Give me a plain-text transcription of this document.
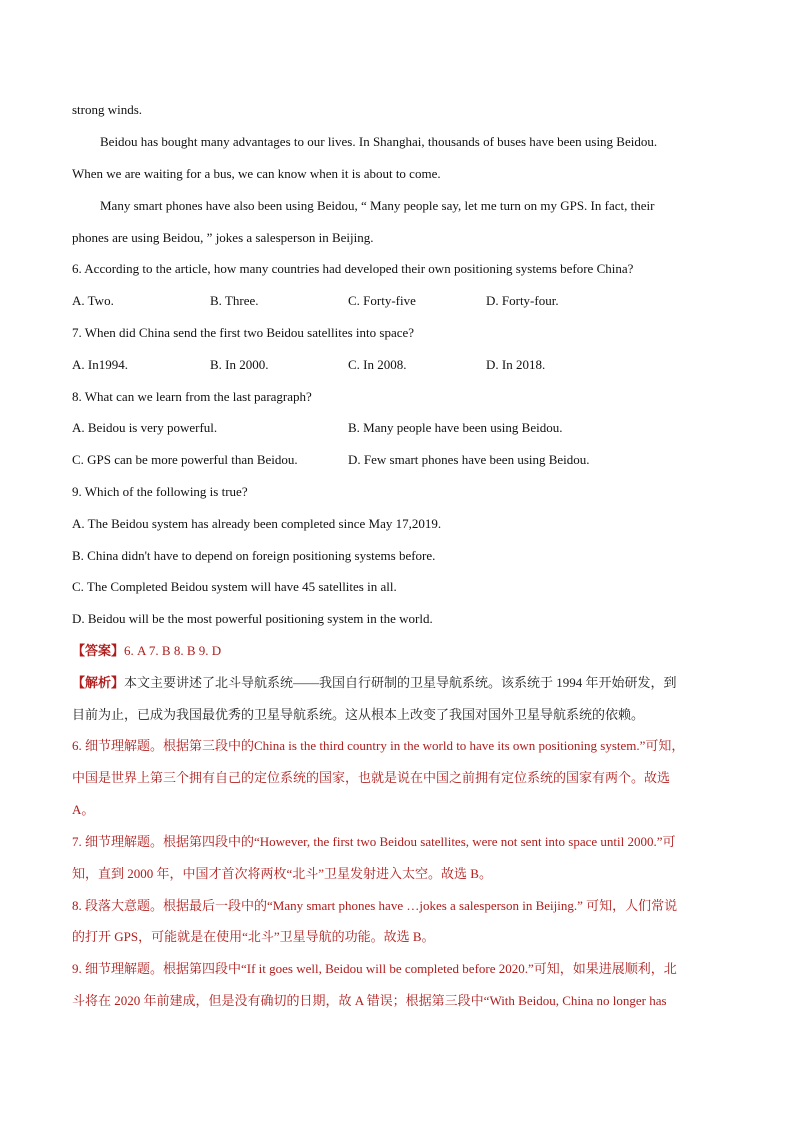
strong winds.
Beidou has bought many advantages to our lives. In Shanghai, thousands of buses have been using Beidou.
When we are waiting for a bus, we can know when it is about to come.
Many smart phones have also been using Beidou, “ Many people say, let me turn on my GPS. In fact, their
phones are using Beidou, ” jokes a salesperson in Beijing.
6. According to the article, how many countries had developed their own positioning systems before China?
A. Two.	B. Three.	C. Forty-five	D. Forty-four.
7. When did China send the first two Beidou satellites into space?
A. In1994.	B. In 2000.	C. In 2008.	D. In 2018.
8. What can we learn from the last paragraph?
A. Beidou is very powerful.	B. Many people have been using Beidou.
C. GPS can be more powerful than Beidou.	D. Few smart phones have been using Beidou.
9. Which of the following is true?
A. The Beidou system has already been completed since May 17,2019.
B. China didn't have to depend on foreign positioning systems before.
C. The Completed Beidou system will have 45 satellites in all.
D. Beidou will be the most powerful positioning system in the world.
【答案】6. A 7. B 8. B 9. D
【解析】本文主要讲述了北斗导航系统——我国自行研制的卫星导航系统。该系统于 1994 年开始研发，到
目前为止，已成为我国最优秀的卫星导航系统。这从根本上改变了我国对国外卫星导航系统的依赖。
6. 细节理解题。根据第三段中的China is the third country in the world to have its own positioning system.”可知，
中国是世界上第三个拥有自己的定位系统的国家，也就是说在中国之前拥有定位系统的国家有两个。故选
A。
7. 细节理解题。根据第四段中的“However, the first two Beidou satellites, were not sent into space until 2000.”可
知，直到 2000 年，中国才首次将两枚“北斗”卫星发射进入太空。故选 B。
8. 段落大意题。根据最后一段中的“Many smart phones have …jokes a salesperson in Beijing.” 可知，人们常说
的打开 GPS，可能就是在使用“北斗”卫星导航的功能。故选 B。
9. 细节理解题。根据第四段中“If it goes well, Beidou will be completed before 2020.”可知，如果进展顺利，北
斗将在 2020 年前建成，但是没有确切的日期，故 A 错误；根据第三段中“With Beidou, China no longer has
